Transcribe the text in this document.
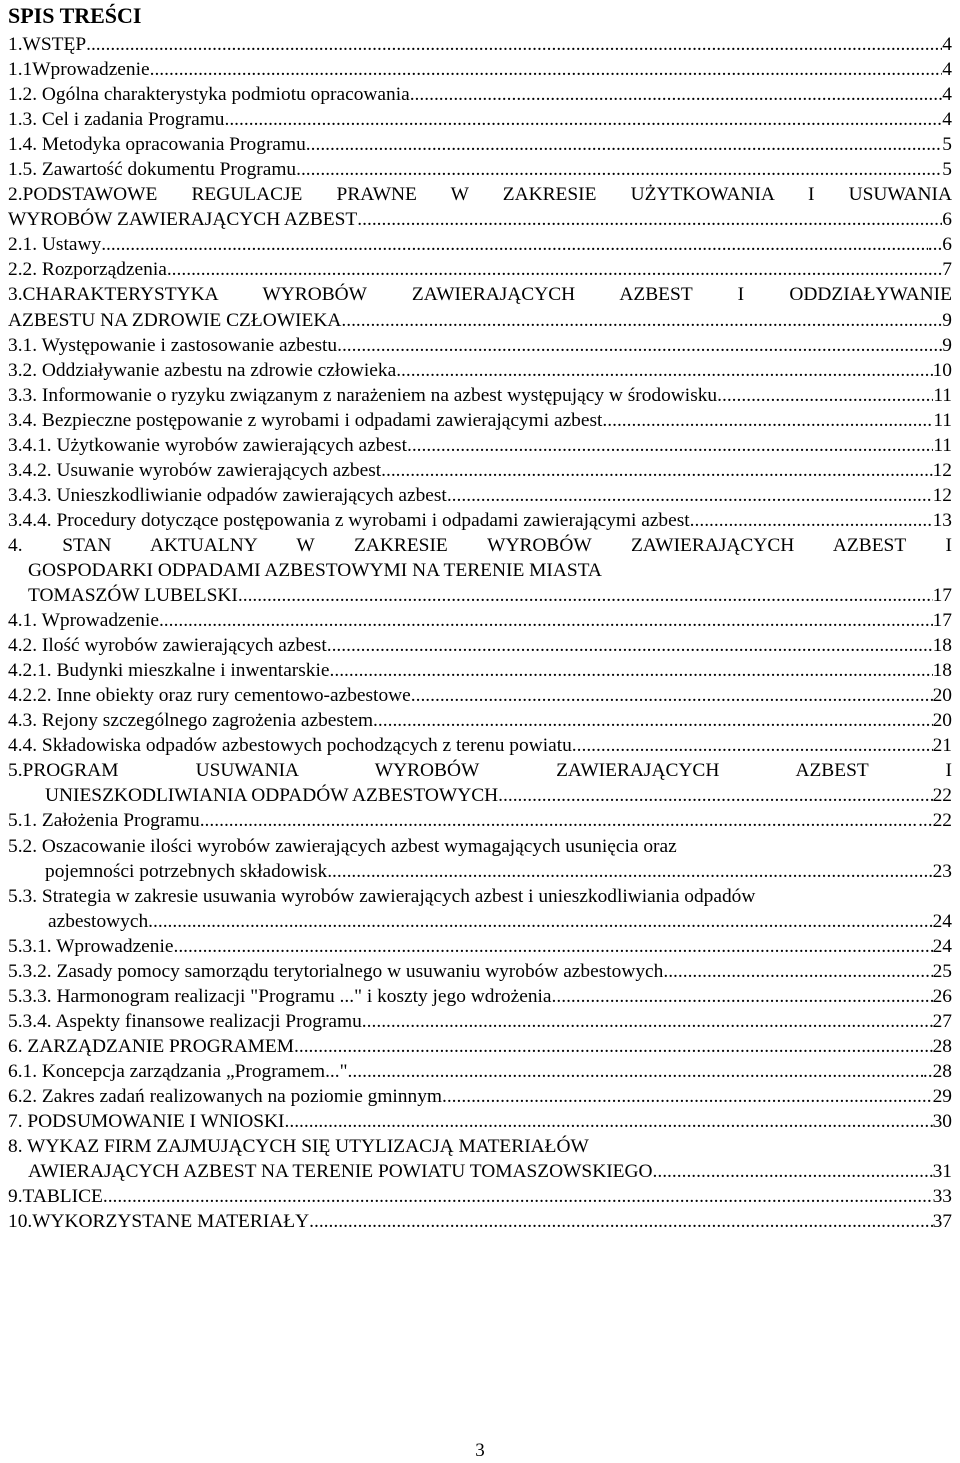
SPIS TREŚCI
1.WSTĘP .....	4
1.1Wprowadzenie .....	4
1.2. Ogólna charakterystyka podmiotu opracowania .....	4
1.3. Cel i zadania Programu .....	4
1.4. Metodyka opracowania Programu .....	5
1.5. Zawartość dokumentu Programu .....	5
2.PODSTAWOWE REGULACJE PRAWNE W ZAKRESIE UŻYTKOWANIA I USUWANIA
WYROBÓW ZAWIERAJĄCYCH AZBEST .....	6
2.1. Ustawy .....	...6
2.2. Rozporządzenia .....	7
3.CHARAKTERYSTYKA WYROBÓW ZAWIERAJĄCYCH AZBEST I ODDZIAŁYWANIE
AZBESTU NA ZDROWIE CZŁOWIEKA .....	9
3.1. Występowanie i zastosowanie azbestu .....	9
3.2. Oddziaływanie azbestu na zdrowie człowieka .....	10
3.3. Informowanie o ryzyku związanym z narażeniem na azbest występujący w środowisku .....	11
3.4. Bezpieczne postępowanie z wyrobami i odpadami zawierającymi azbest .....	11
3.4.1. Użytkowanie wyrobów zawierających azbest .....	11
3.4.2. Usuwanie wyrobów zawierających azbest .....	12
3.4.3. Unieszkodliwianie odpadów zawierających azbest .....	12
3.4.4. Procedury dotyczące postępowania z wyrobami i odpadami zawierającymi azbest .....	13
4. STAN AKTUALNY W ZAKRESIE WYROBÓW ZAWIERAJĄCYCH AZBEST I
GOSPODARKI ODPADAMI AZBESTOWYMI NA TERENIE MIASTA
TOMASZÓW LUBELSKI .....	17
4.1. Wprowadzenie .....	17
4.2. Ilość wyrobów zawierających azbest .....	18
4.2.1. Budynki mieszkalne i inwentarskie .....	18
4.2.2. Inne obiekty oraz rury cementowo-azbestowe .....	20
4.3. Rejony szczególnego zagrożenia azbestem .....	20
4.4. Składowiska odpadów azbestowych pochodzących z terenu powiatu .....	21
5.PROGRAM USUWANIA WYROBÓW ZAWIERAJĄCYCH AZBEST I
UNIESZKODLIWIANIA ODPADÓW AZBESTOWYCH .....	22
5.1. Założenia Programu .....	...22
5.2. Oszacowanie ilości wyrobów zawierających azbest wymagających usunięcia oraz
pojemności potrzebnych składowisk .....	23
5.3. Strategia w zakresie usuwania wyrobów zawierających azbest i unieszkodliwiania odpadów
azbestowych .....	24
5.3.1. Wprowadzenie .....	24
5.3.2. Zasady pomocy samorządu terytorialnego w usuwaniu wyrobów azbestowych .....	25
5.3.3. Harmonogram realizacji "Programu ..." i koszty jego wdrożenia .....	26
5.3.4. Aspekty finansowe realizacji Programu .....	27
6. ZARZĄDZANIE PROGRAMEM .....	28
6.1. Koncepcja zarządzania „Programem..." .....	..28
6.2. Zakres zadań realizowanych na poziomie gminnym .....	29
7. PODSUMOWANIE I WNIOSKI .....	30
8. WYKAZ FIRM ZAJMUJĄCYCH SIĘ UTYLIZACJĄ MATERIAŁÓW
AWIERAJĄCYCH AZBEST NA TERENIE POWIATU TOMASZOWSKIEGO .....	31
9.TABLICE .....	33
10.WYKORZYSTANE MATERIAŁY .....	37
3
